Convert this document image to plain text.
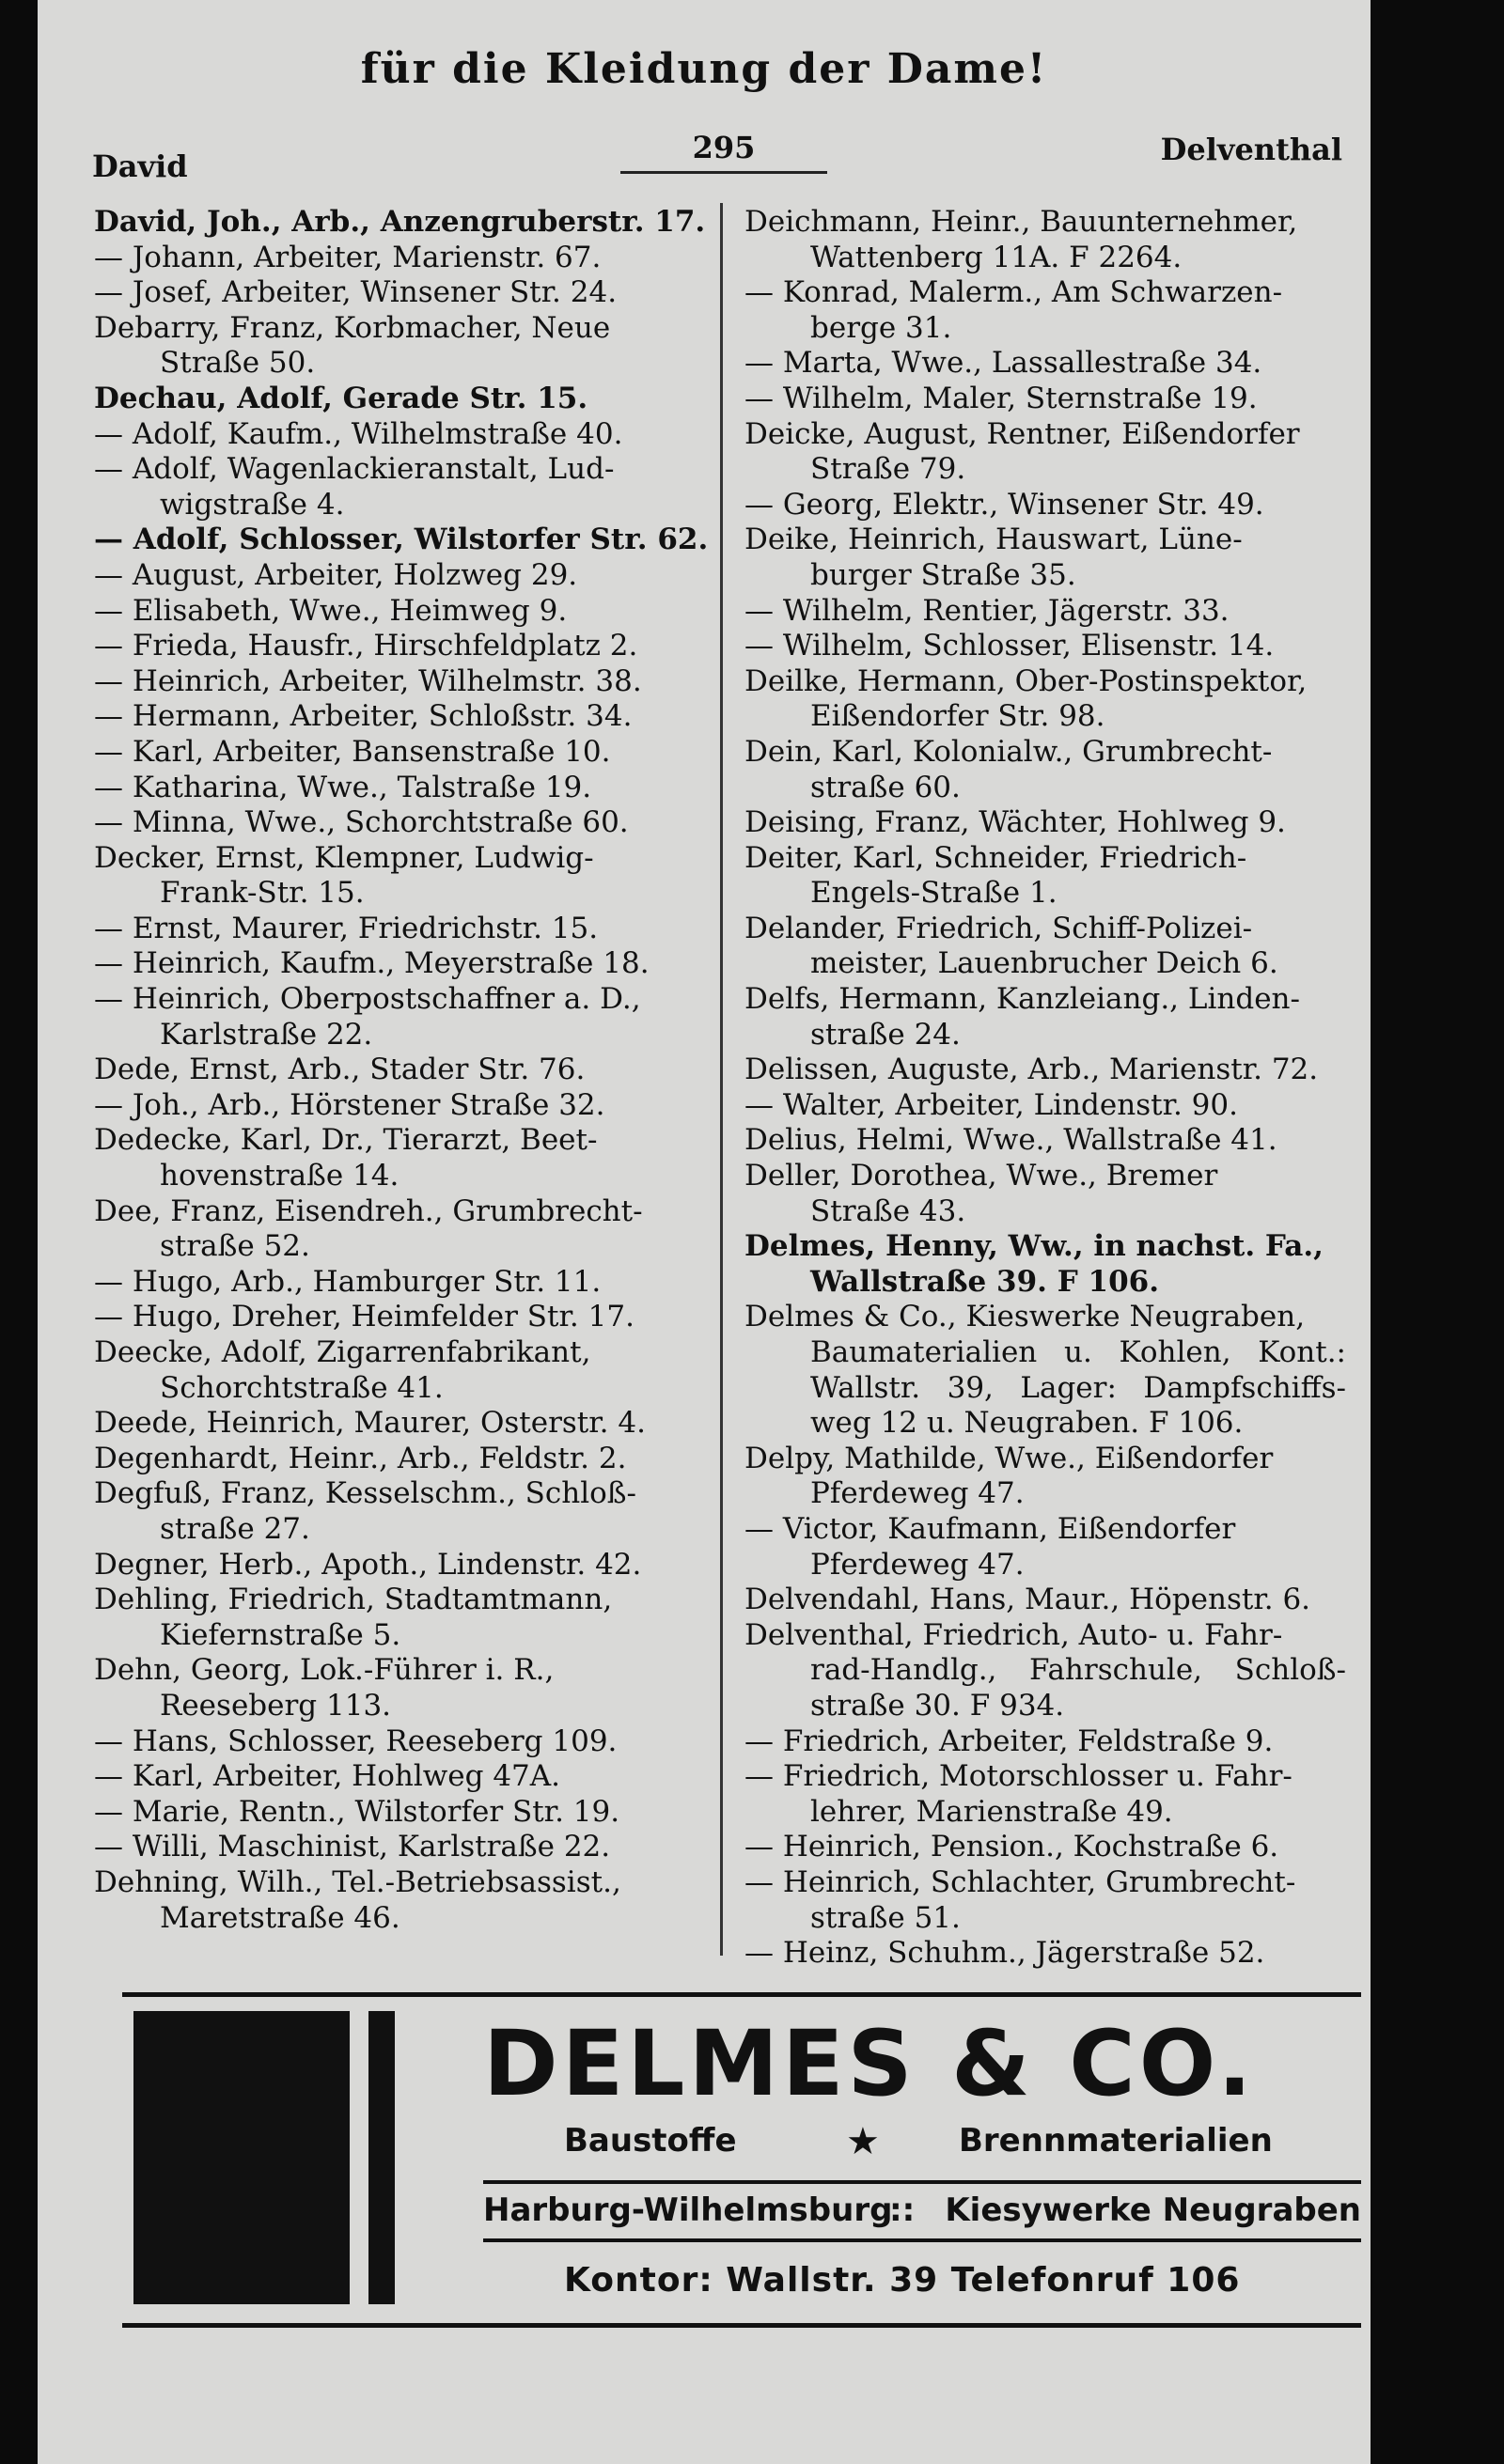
für die Kleidung der Dame!
David
295	Delventhal
David, Joh., Arb., Anzengruberstr. 17.
— Johann, Arbeiter, Marienstr. 67.
— Josef, Arbeiter, Winsener Str. 24.
Debarry, Franz, Korbmacher, Neue
Straße 50.
Dechau, Adolf, Gerade Str. 15.
— Adolf, Kaufm., Wilhelmstraße 40.
— Adolf, Wagenlackieranstalt, Lud-
wigstraße 4.
— Adolf, Schlosser, Wilstorfer Str. 62.
— August, Arbeiter, Holzweg 29.
— Elisabeth, Wwe., Heimweg 9.
— Frieda, Hausfr., Hirschfeldplatz 2.
— Heinrich, Arbeiter, Wilhelmstr. 38.
— Hermann, Arbeiter, Schloßstr. 34.
— Karl, Arbeiter, Bansenstraße 10.
— Katharina, Wwe., Talstraße 19.
— Minna, Wwe., Schorchtstraße 60.
Decker, Ernst, Klempner, Ludwig-
Frank-Str. 15.
— Ernst, Maurer, Friedrichstr. 15.
— Heinrich, Kaufm., Meyerstraße 18.
— Heinrich, Oberpostschaffner a. D.,
Karlstraße 22.
Dede, Ernst, Arb., Stader Str. 76.
— Joh., Arb., Hörstener Straße 32.
Dedecke, Karl, Dr., Tierarzt, Beet-
hovenstraße 14.
Dee, Franz, Eisendreh., Grumbrecht-
straße 52.
— Hugo, Arb., Hamburger Str. 11.
— Hugo, Dreher, Heimfelder Str. 17.
Deecke, Adolf, Zigarrenfabrikant,
Schorchtstraße 41.
Deede, Heinrich, Maurer, Osterstr. 4.
Degenhardt, Heinr., Arb., Feldstr. 2.
Degfuß, Franz, Kesselschm., Schloß-
straße 27.
Degner, Herb., Apoth., Lindenstr. 42.
Dehling, Friedrich, Stadtamtmann,
Kiefernstraße 5.
Dehn, Georg, Lok.-Führer i. R.,
Reeseberg 113.
— Hans, Schlosser, Reeseberg 109.
— Karl, Arbeiter, Hohlweg 47A.
— Marie, Rentn., Wilstorfer Str. 19.
— Willi, Maschinist, Karlstraße 22.
Dehning, Wilh., Tel.-Betriebsassist.,
Maretstraße 46.
Deichmann, Heinr., Bauunternehmer,
Wattenberg 11A. F 2264.
— Konrad, Malerm., Am Schwarzen-
berge 31.
— Marta, Wwe., Lassallestraße 34.
— Wilhelm, Maler, Sternstraße 19.
Deicke, August, Rentner, Eißendorfer
Straße 79.
— Georg, Elektr., Winsener Str. 49.
Deike, Heinrich, Hauswart, Lüne-
burger Straße 35.
— Wilhelm, Rentier, Jägerstr. 33.
— Wilhelm, Schlosser, Elisenstr. 14.
Deilke, Hermann, Ober-Postinspektor,
Eißendorfer Str. 98.
Dein, Karl, Kolonialw., Grumbrecht-
straße 60.
Deising, Franz, Wächter, Hohlweg 9.
Deiter, Karl, Schneider, Friedrich-
Engels-Straße 1.
Delander, Friedrich, Schiff-Polizei-
meister, Lauenbrucher Deich 6.
Delfs, Hermann, Kanzleiang., Linden-
straße 24.
Delissen, Auguste, Arb., Marienstr. 72.
— Walter, Arbeiter, Lindenstr. 90.
Delius, Helmi, Wwe., Wallstraße 41.
Deller, Dorothea, Wwe., Bremer
Straße 43.
Delmes, Henny, Ww., in nachst. Fa.,
Wallstraße 39. F 106.
Delmes & Co., Kieswerke Neugraben,
Baumaterialien u. Kohlen, Kont.: Wallstr. 39, Lager: Dampfschiffs-weg 12 u. Neugraben. F 106.
Delpy, Mathilde, Wwe., Eißendorfer
Pferdeweg 47.
— Victor, Kaufmann, Eißendorfer
Pferdeweg 47.
Delvendahl, Hans, Maur., Höpenstr. 6.
Delventhal, Friedrich, Auto- u. Fahr-
rad-Handlg., Fahrschule, Schloß-straße 30. F 934.
— Friedrich, Arbeiter, Feldstraße 9.
— Friedrich, Motorschlosser u. Fahr-
lehrer, Marienstraße 49.
— Heinrich, Pension., Kochstraße 6.
— Heinrich, Schlachter, Grumbrecht-
straße 51.
— Heinz, Schuhm., Jägerstraße 52.
DELMES & CO.
Baustoffe	★ Brennmaterialien
Harburg-Wilhelmsburg
:: Kiesywerke Neugraben
Kontor: Wallstr. 39 Telefonruf 106
